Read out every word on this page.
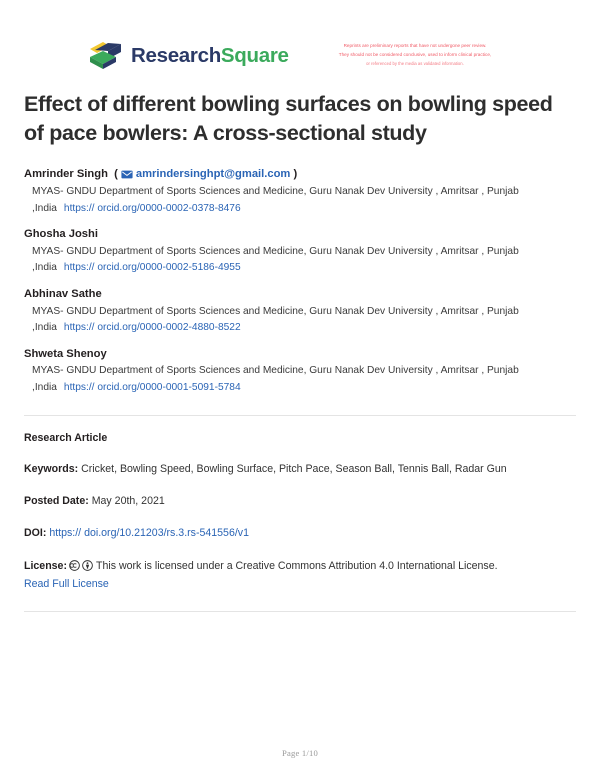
ResearchSquare	Reprints are preliminary reports that have not undergone peer review.
They should not be considered conclusive, used to inform clinical practice,
or referenced by the media as validated information.
Effect of different bowling surfaces on bowling speed of pace bowlers: A cross-sectional study
Amrinder Singh
( amrindersinghpt@gmail.com
)
MYAS- GNDU Department of Sports Sciences and Medicine, Guru Nanak Dev University , Amritsar , Punjab ,India https:// orcid.org/0000-0002-0378-8476
Ghosha Joshi
MYAS- GNDU Department of Sports Sciences and Medicine, Guru Nanak Dev University , Amritsar , Punjab ,India https:// orcid.org/0000-0002-5186-4955
Abhinav Sathe
MYAS- GNDU Department of Sports Sciences and Medicine, Guru Nanak Dev University , Amritsar , Punjab ,India https:// orcid.org/0000-0002-4880-8522
Shweta Shenoy
MYAS- GNDU Department of Sports Sciences and Medicine, Guru Nanak Dev University , Amritsar , Punjab ,India https:// orcid.org/0000-0001-5091-5784
Research Article
Keywords: Cricket, Bowling Speed, Bowling Surface, Pitch Pace, Season Ball, Tennis Ball, Radar Gun
Posted Date: May 20th, 2021
DOI: https:// doi.org/10.21203/rs.3.rs-541556/v1
License:	This work is licensed under a Creative Commons Attribution 4.0 International License.
Read Full License
Page 1/10
